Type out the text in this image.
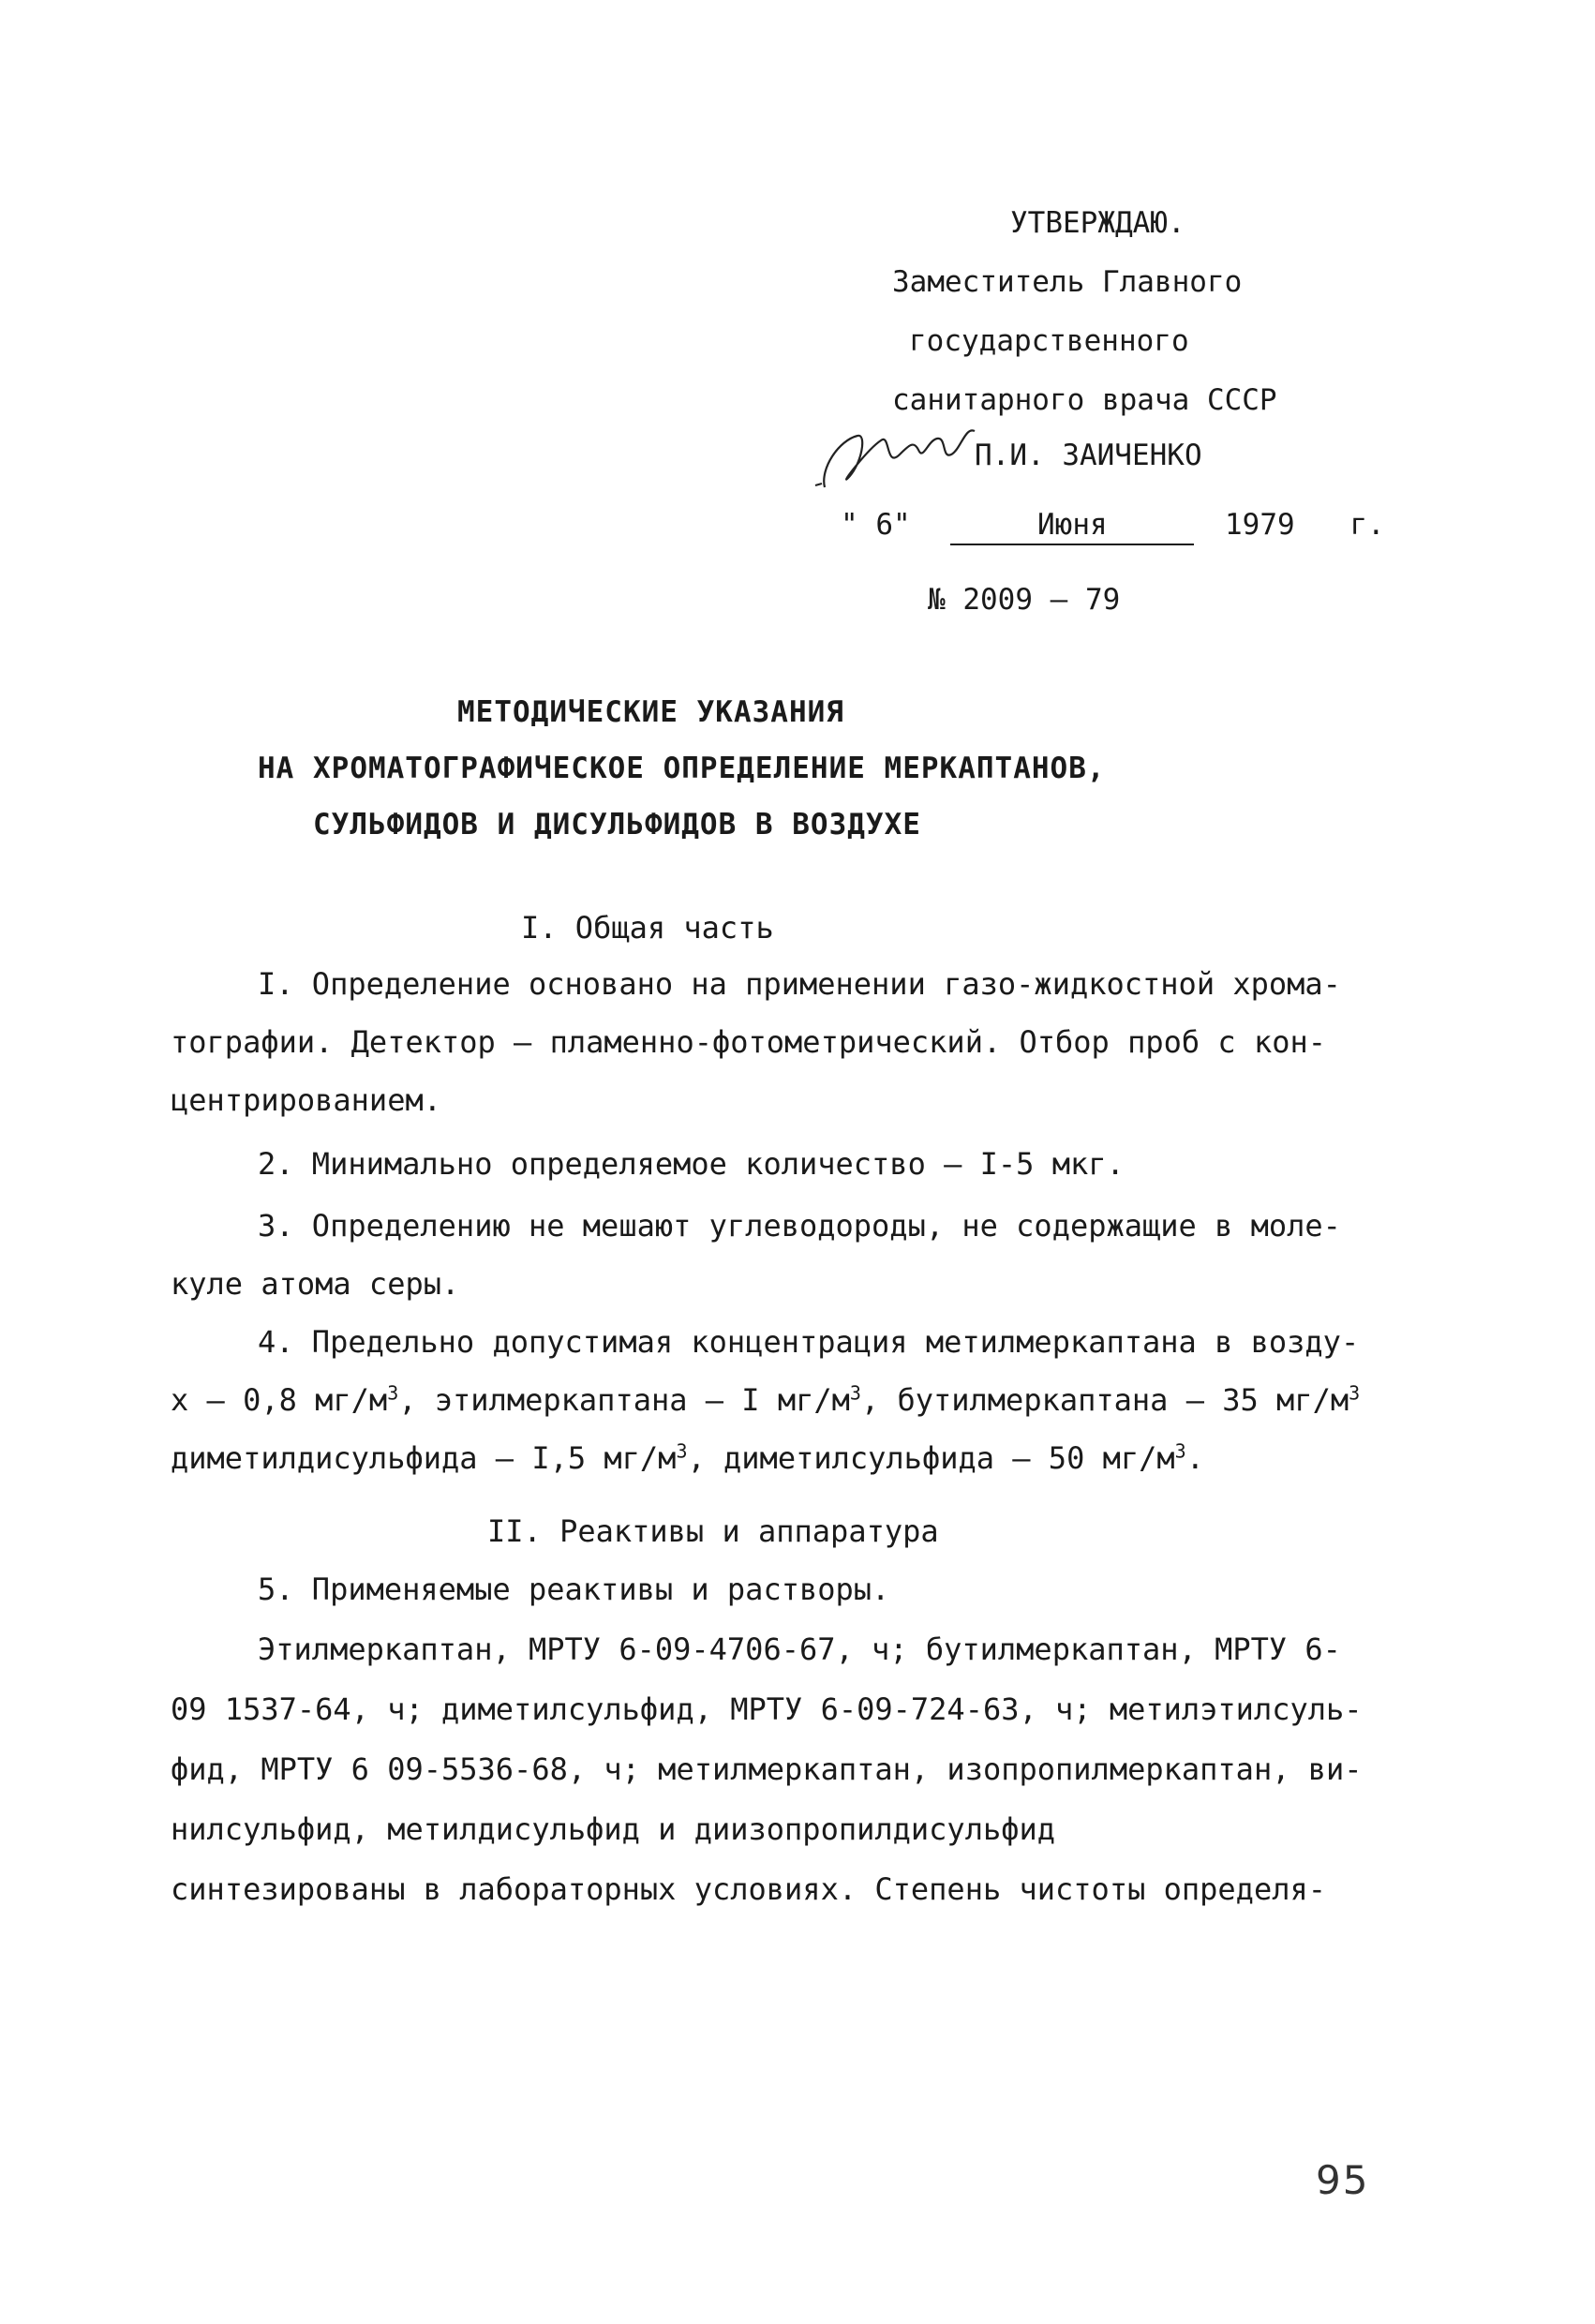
УТВЕРЖДАЮ.
Заместитель Главного
государственного
санитарного врача СССР
П.И. ЗАИЧЕНКО
" 6"	Июня	1979 г.
№ 2009 – 79
МЕТОДИЧЕСКИЕ УКАЗАНИЯ
НА ХРОМАТОГРАФИЧЕСКОЕ ОПРЕДЕЛЕНИЕ МЕРКАПТАНОВ,
СУЛЬФИДОВ И ДИСУЛЬФИДОВ В ВОЗДУХЕ
I. Общая часть
I. Определение основано на применении газо-жидкостной хрома-
тографии. Детектор – пламенно-фотометрический. Отбор проб с кон-
центрированием.
2. Минимально определяемое количество – I-5 мкг.
3. Определению не мешают углеводороды, не содержащие в моле-
куле атома серы.
4. Предельно допустимая концентрация метилмеркаптана в возду-
х – 0,8 $мг/м^3$, этилмеркаптана – I $мг/м^3$, бутилмеркаптана – 35 $мг/м^3$
диметилдисульфида – I,5 $мг/м^3$, диметилсульфида – 50 $мг/м^3$.
II. Реактивы и аппаратура
5. Применяемые реактивы и растворы.
Этилмеркаптан, МРТУ 6-09-4706-67, ч; бутилмеркаптан, МРТУ 6-
09 1537-64, ч; диметилсульфид, МРТУ 6-09-724-63, ч; метилэтилсуль-
фид, МРТУ 6 09-5536-68, ч; метилмеркаптан, изопропилмеркаптан, ви-
нилсульфид, метилдисульфид и диизопропилдисульфид
синтезированы в лабораторных условиях. Степень чистоты определя-
95
